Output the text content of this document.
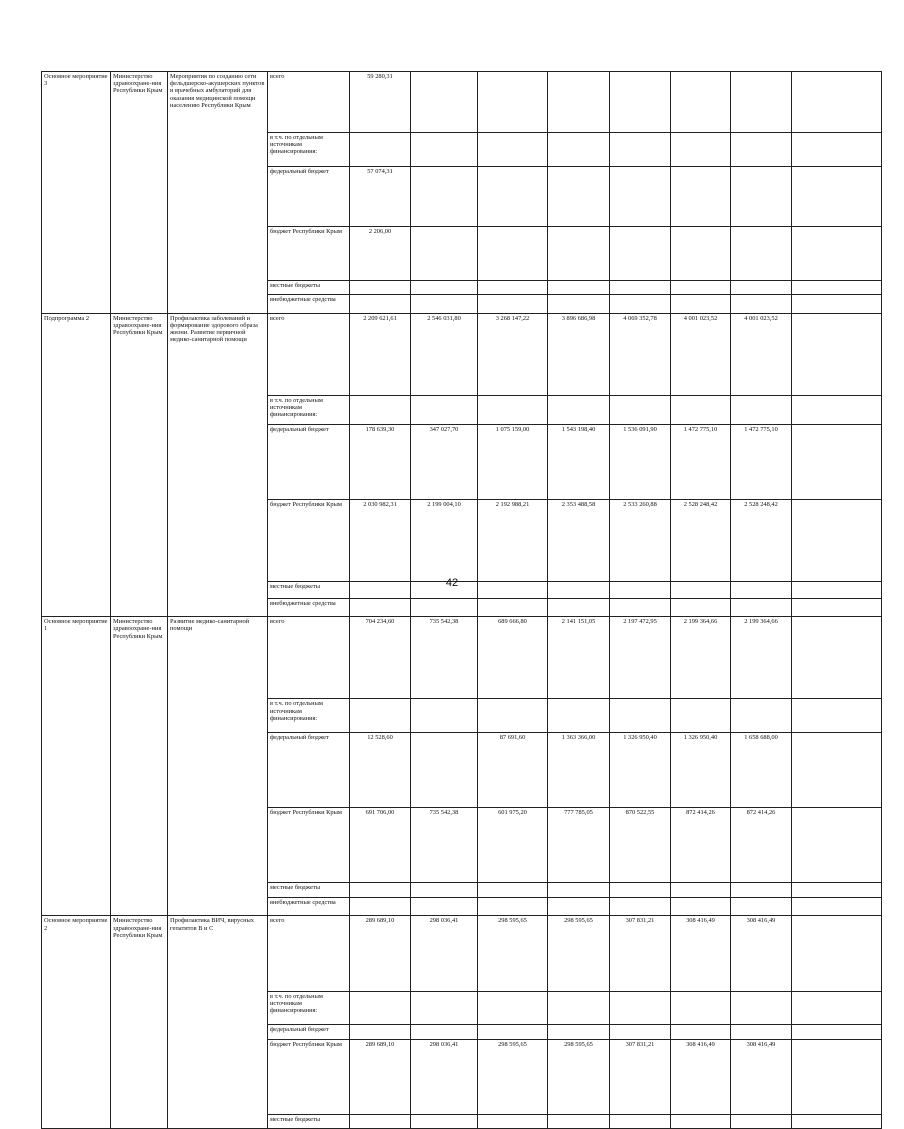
Основное мероприятие 3	Министерство здравоохране-ния Республики Крым	Мероприятия по созданию сети фельдшерско-акушерских пунктов и врачебных амбулаторий для оказания медицинской помощи населению Республики Крым	всего	59 280,31								
			в т.ч. по отдельным источникам финансирования:									
			федеральный бюджет	57 074,31								
			бюджет Республики Крым	2 206,00								
			местные бюджеты									
			внебюджетные средства									
Подпрограмма 2	Министерство здравоохране-ния Республики Крым	Профилактика заболеваний и формирование здорового образа жизни. Развитие первичной медико-санитарной помощи	всего	2 209 621,61	2 546 031,80	3 268 147,22	3 896 686,98	4 069 352,78	4 001 023,52	4 001 023,52		
			в т.ч. по отдельным источникам финансирования:									
			федеральный бюджет	178 639,30	347 027,70	1 075 159,00	1 543 198,40	1 536 091,90	1 472 775,10	1 472 775,10		
			бюджет Республики Крым	2 030 982,31	2 199 004,10	2 192 988,21	2 353 488,58	2 533 260,88	2 528 248,42	2 528 248,42		
			местные бюджеты									
			внебюджетные средства									
Основное мероприятие 1	Министерство здравоохране-ния Республики Крым	Развитие медико-санитарной помощи	всего	704 234,60	735 542,38	689 666,80	2 141 151,05	2 197 472,95	2 199 364,66	2 199 364,66		
			в т.ч. по отдельным источникам финансирования:									
			федеральный бюджет	12 528,60		87 691,60	1 363 366,00	1 326 950,40	1 326 950,40	1 658 688,00		
			бюджет Республики Крым	691 706,00	735 542,38	601 975,20	777 785,05	870 522,55	872 414,26	872 414,26		
			местные бюджеты									
			внебюджетные средства									
Основное мероприятие 2	Министерство здравоохране-ния Республики Крым	Профилактика ВИЧ, вирусных гепатитов В и С	всего	289 689,10	298 036,41	298 595,65	298 595,65	307 831,21	308 416,49	308 416,49		
			в т.ч. по отдельным источникам финансирования:									
			федеральный бюджет									
			бюджет Республики Крым	289 689,10	298 036,41	298 595,65	298 595,65	307 831,21	308 416,49	308 416,49		
			местные бюджеты									
42
